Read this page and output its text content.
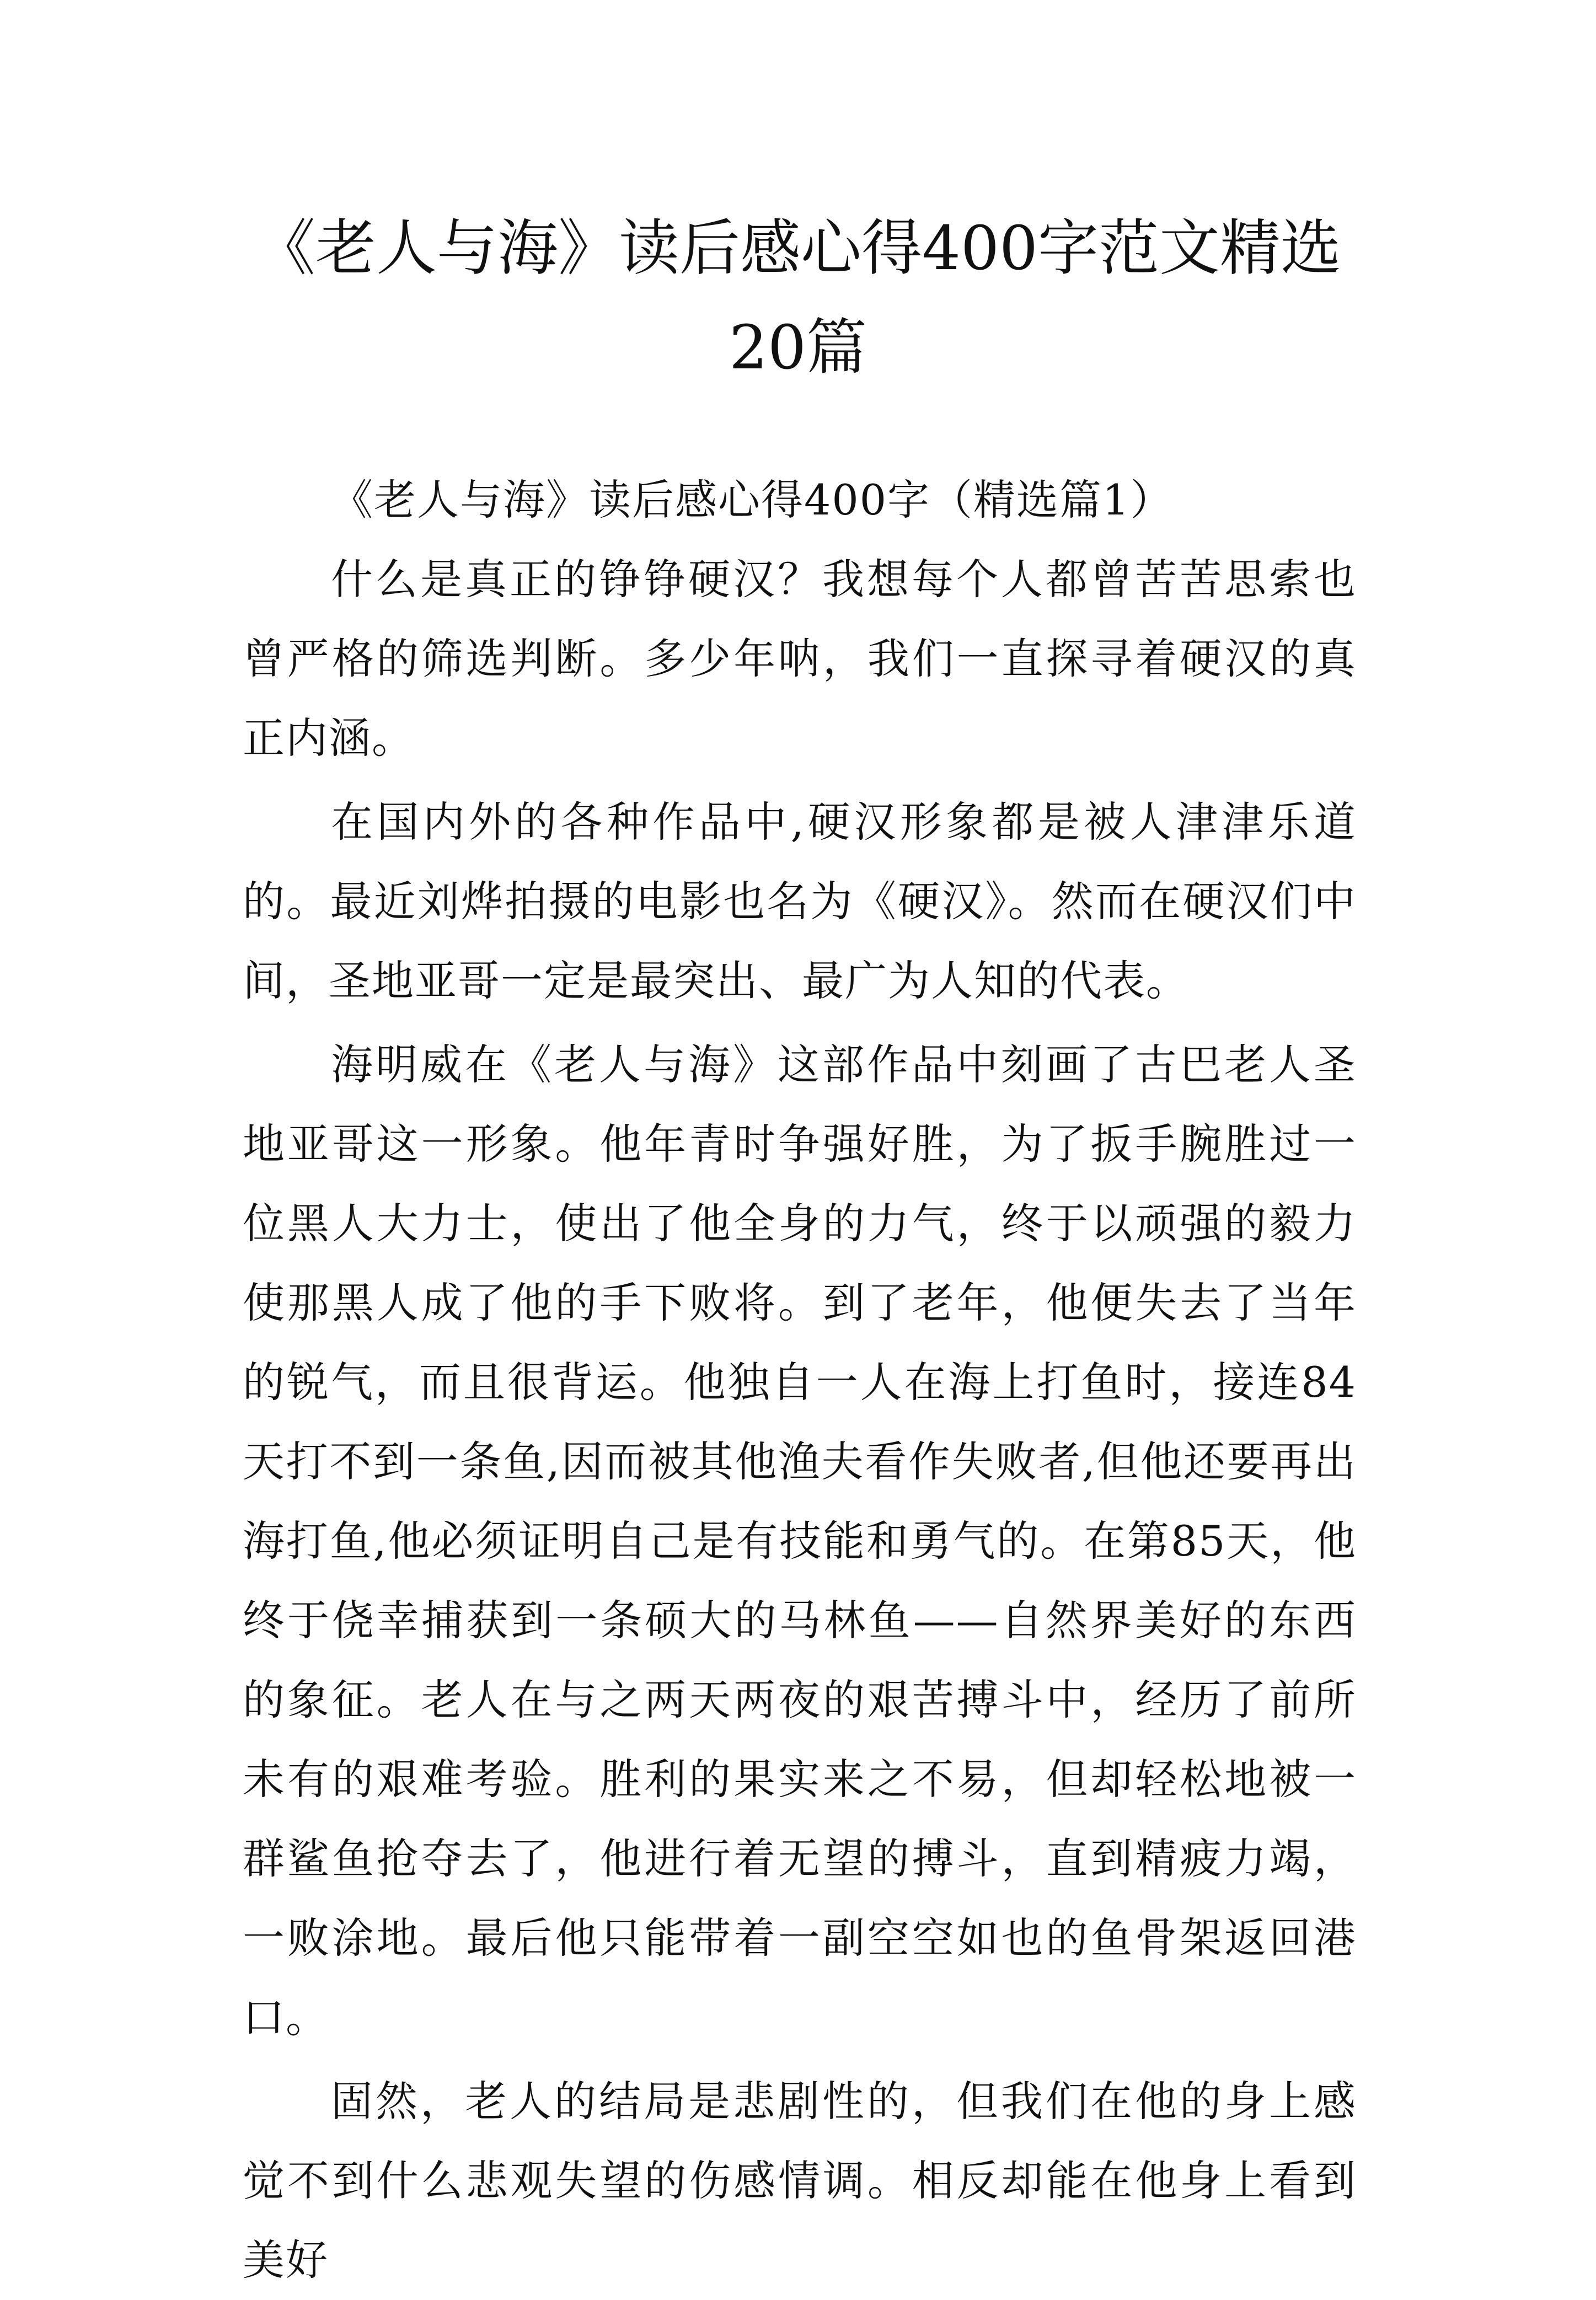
《老人与海》读后感心得400字范文精选20篇
《老人与海》读后感心得400字（精选篇1）

什么是真正的铮铮硬汉？我想每个人都曾苦苦思索也曾严格的筛选判断。多少年呐，我们一直探寻着硬汉的真正内涵。

在国内外的各种作品中,硬汉形象都是被人津津乐道的。最近刘烨拍摄的电影也名为《硬汉》。然而在硬汉们中间，圣地亚哥一定是最突出、最广为人知的代表。

海明威在《老人与海》这部作品中刻画了古巴老人圣地亚哥这一形象。他年青时争强好胜，为了扳手腕胜过一位黑人大力士，使出了他全身的力气，终于以顽强的毅力使那黑人成了他的手下败将。到了老年，他便失去了当年的锐气，而且很背运。他独自一人在海上打鱼时，接连84天打不到一条鱼,因而被其他渔夫看作失败者,但他还要再出海打鱼,他必须证明自己是有技能和勇气的。在第85天，他终于侥幸捕获到一条硕大的马林鱼——自然界美好的东西的象征。老人在与之两天两夜的艰苦搏斗中，经历了前所未有的艰难考验。胜利的果实来之不易，但却轻松地被一群鲨鱼抢夺去了，他进行着无望的搏斗，直到精疲力竭，一败涂地。最后他只能带着一副空空如也的鱼骨架返回港口。

固然，老人的结局是悲剧性的，但我们在他的身上感觉不到什么悲观失望的伤感情调。相反却能在他身上看到美好
